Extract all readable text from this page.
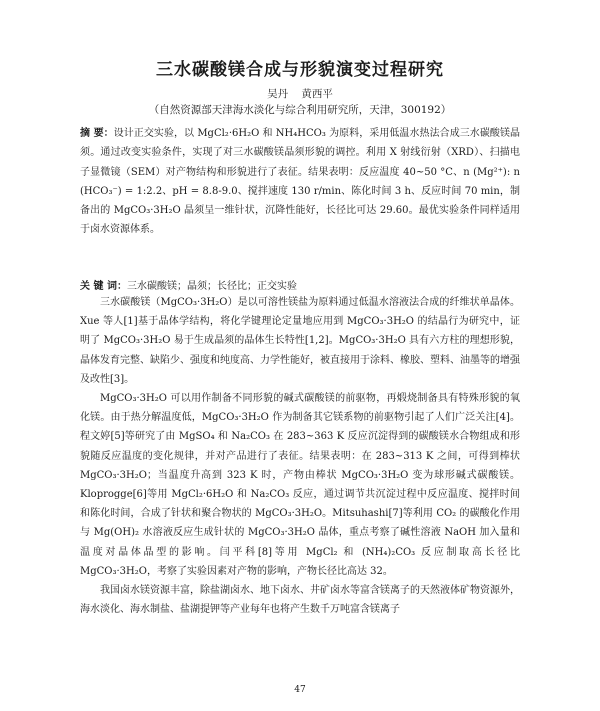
三水碳酸镁合成与形貌演变过程研究
吴丹 黄西平
（自然资源部天津海水淡化与综合利用研究所，天津，300192）
摘 要：设计正交实验，以 MgCl₂·6H₂O 和 NH₄HCO₃ 为原料，采用低温水热法合成三水碳酸镁晶须。通过改变实验条件，实现了对三水碳酸镁晶须形貌的调控。利用 X 射线衍射（XRD）、扫描电子显微镜（SEM）对产物结构和形貌进行了表征。结果表明：反应温度 40~50 °C、n (Mg²⁺): n (HCO₃⁻) = 1:2.2、pH = 8.8-9.0、搅拌速度 130 r/min、陈化时间 3 h、反应时间 70 min，制备出的 MgCO₃·3H₂O 晶须呈一维针状，沉降性能好，长径比可达 29.60。最优实验条件同样适用于卤水资源体系。
关 键 词：三水碳酸镁；晶须；长径比；正交实验

三水碳酸镁（MgCO₃·3H₂O）是以可溶性镁盐为原料通过低温水溶液法合成的纤维状单晶体。Xue 等人[1]基于晶体学结构，将化学键理论定量地应用到 MgCO₃·3H₂O 的结晶行为研究中，证明了 MgCO₃·3H₂O 易于生成晶须的晶体生长特性[1,2]。MgCO₃·3H₂O 具有六方柱的理想形貌，晶体发育完整、缺陷少、强度和纯度高、力学性能好，被直接用于涂料、橡胶、塑料、油墨等的增强及改性[3]。

MgCO₃·3H₂O 可以用作制备不同形貌的碱式碳酸镁的前驱物，再煅烧制备具有特殊形貌的氧化镁。由于热分解温度低，MgCO₃·3H₂O 作为制备其它镁系物的前驱物引起了人们广泛关注[4]。程文婷[5]等研究了由 MgSO₄ 和 Na₂CO₃ 在 283~363 K 反应沉淀得到的碳酸镁水合物组成和形貌随反应温度的变化规律，并对产品进行了表征。结果表明：在 283~313 K 之间，可得到棒状 MgCO₃·3H₂O；当温度升高到 323 K 时，产物由棒状 MgCO₃·3H₂O 变为球形碱式碳酸镁。Kloprogge[6]等用 MgCl₂·6H₂O 和 Na₂CO₃ 反应，通过调节共沉淀过程中反应温度、搅拌时间和陈化时间，合成了针状和聚合物状的 MgCO₃·3H₂O。Mitsuhashi[7]等利用 CO₂ 的碳酸化作用与 Mg(OH)₂ 水溶液反应生成针状的 MgCO₃·3H₂O 晶体，重点考察了碱性溶液 NaOH 加入量和温度对晶体晶型的影响。闫平科[8]等用 MgCl₂ 和 (NH₄)₂CO₃ 反应制取高长径比 MgCO₃·3H₂O，考察了实验因素对产物的影响，产物长径比高达 32。

我国卤水镁资源丰富，除盐湖卤水、地下卤水、井矿卤水等富含镁离子的天然液体矿物资源外，海水淡化、海水制盐、盐湖提钾等产业每年也将产生数千万吨富含镁离子

47
